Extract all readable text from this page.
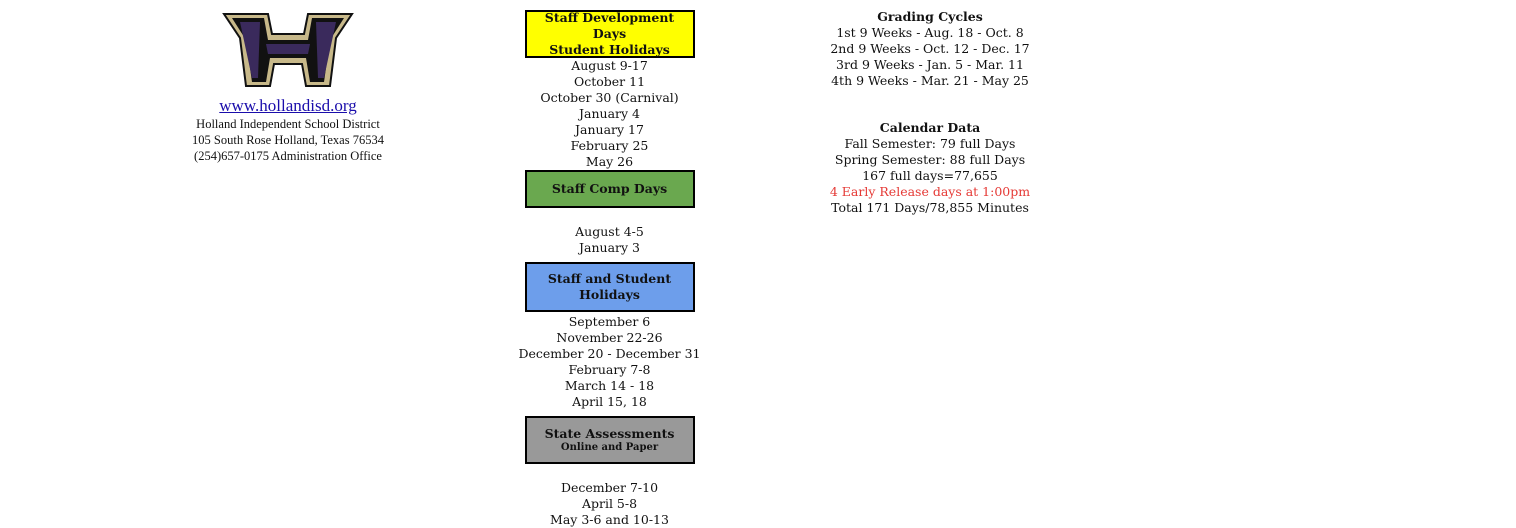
www.hollandisd.org
Holland Independent School District
105 South Rose Holland, Texas 76534
(254)657-0175 Administration Office
Staff Development Days
Student Holidays
August 9-17
October 11
October 30 (Carnival)
January 4
January 17
February 25
May 26
Staff Comp Days
August 4-5
January 3
Staff and Student
Holidays
September 6
November 22-26
December 20 - December 31
February 7-8
March 14 - 18
April 15, 18
State Assessments
Online and Paper
December 7-10
April 5-8
May 3-6 and 10-13
Grading Cycles
1st 9 Weeks - Aug. 18 - Oct. 8
2nd 9 Weeks - Oct. 12 - Dec. 17
3rd 9 Weeks - Jan. 5 - Mar. 11
4th 9 Weeks - Mar. 21 - May 25
Calendar Data
Fall Semester: 79 full Days
Spring Semester: 88 full Days
167 full days=77,655
4 Early Release days at 1:00pm
Total 171 Days/78,855 Minutes
